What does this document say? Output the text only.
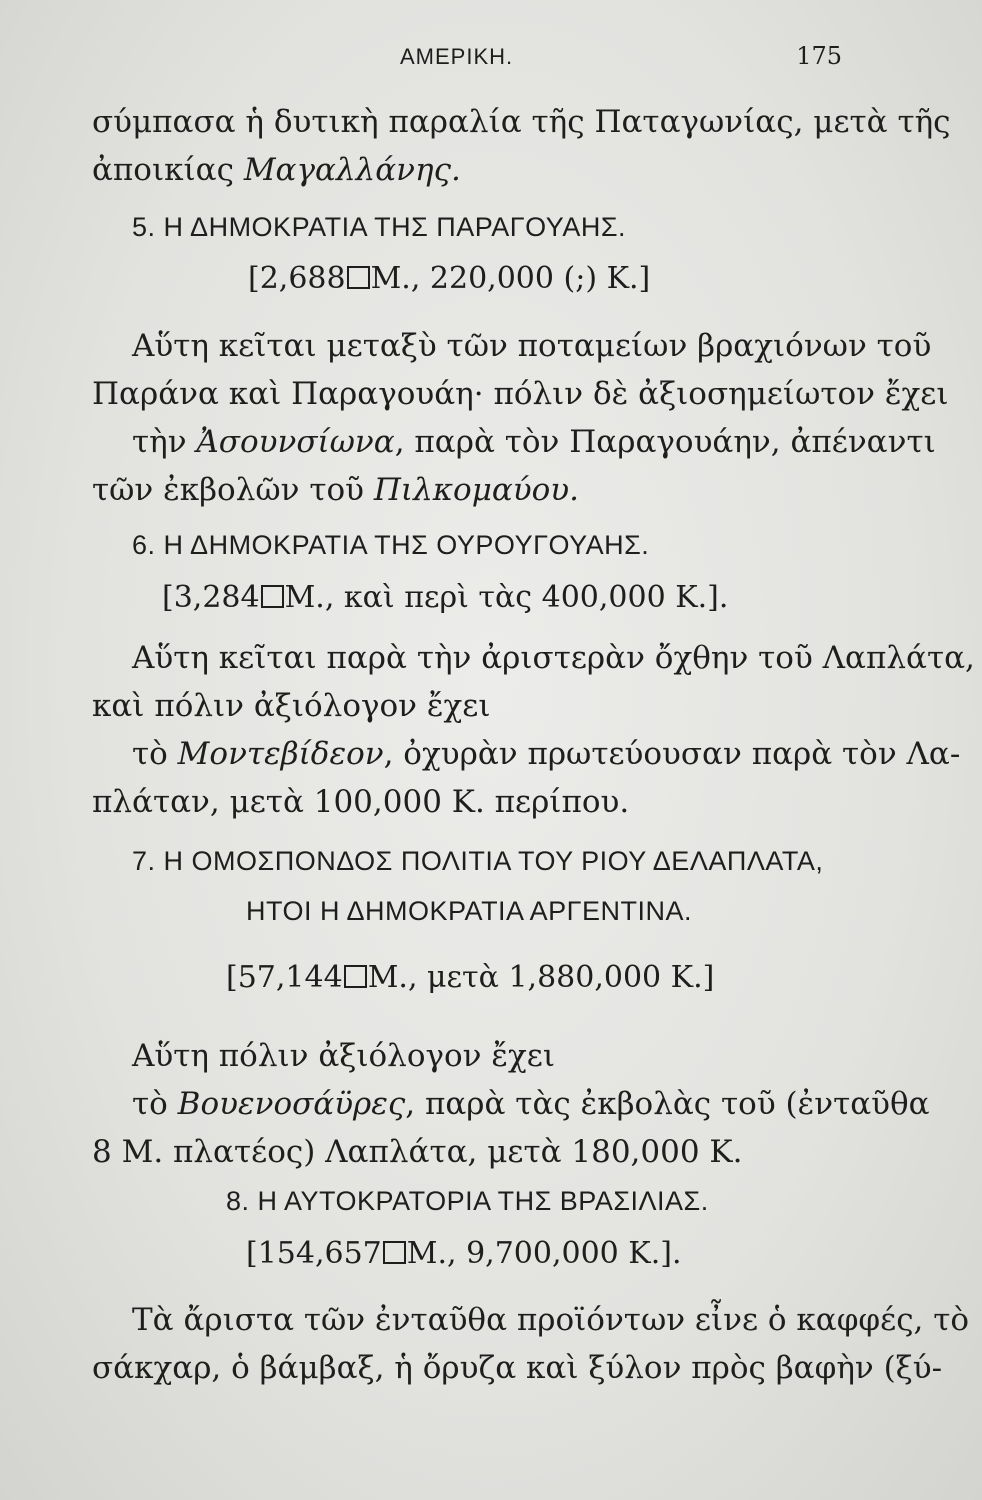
ΑΜΕΡΙΚΗ.	175
σύμπασα ἡ δυτικὴ παραλία τῆς Παταγωνίας, μετὰ τῆς
ἀποικίας Μαγαλλάνης.
5. Η ΔΗΜΟΚΡΑΤΙΑ ΤΗΣ ΠΑΡΑΓΟΥΑΗΣ.
[2,688 Μ., 220,000 (;) Κ.]
Αὕτη κεῖται μεταξὺ τῶν ποταμείων βραχιόνων τοῦ
Παράνα καὶ Παραγουάη· πόλιν δὲ ἀξιοσημείωτον ἔχει
τὴν Ἀσουνσίωνα, παρὰ τὸν Παραγουάην, ἀπέναντι
τῶν ἐκβολῶν τοῦ Πιλκομαύου.
6. Η ΔΗΜΟΚΡΑΤΙΑ ΤΗΣ ΟΥΡΟΥΓΟΥΑΗΣ.
[3,284 Μ., καὶ περὶ τὰς 400,000 Κ.].
Αὕτη κεῖται παρὰ τὴν ἀριστερὰν ὄχθην τοῦ Λαπλάτα,
καὶ πόλιν ἀξιόλογον ἔχει
τὸ Μοντεβίδεον, ὀχυρὰν πρωτεύουσαν παρὰ τὸν Λα-
πλάταν, μετὰ 100,000 Κ. περίπου.
7. Η ΟΜΟΣΠΟΝΔΟΣ ΠΟΛΙΤΙΑ ΤΟΥ ΡΙΟΥ ΔΕΛΑΠΛΑΤΑ,
ΗΤΟΙ Η ΔΗΜΟΚΡΑΤΙΑ ΑΡΓΕΝΤΙΝΑ.
[57,144 Μ., μετὰ 1,880,000 Κ.]
Αὕτη πόλιν ἀξιόλογον ἔχει
τὸ Βουενοσάϋρες, παρὰ τὰς ἐκβολὰς τοῦ (ἐνταῦθα
8 Μ. πλατέος) Λαπλάτα, μετὰ 180,000 Κ.
8. Η ΑΥΤΟΚΡΑΤΟΡΙΑ ΤΗΣ ΒΡΑΣΙΛΙΑΣ.
[154,657 Μ., 9,700,000 Κ.].
Τὰ ἄριστα τῶν ἐνταῦθα προϊόντων εἶνε ὁ καφφές, τὸ
σάκχαρ, ὁ βάμβαξ, ἡ ὄρυζα καὶ ξύλον πρὸς βαφὴν (ξύ-
